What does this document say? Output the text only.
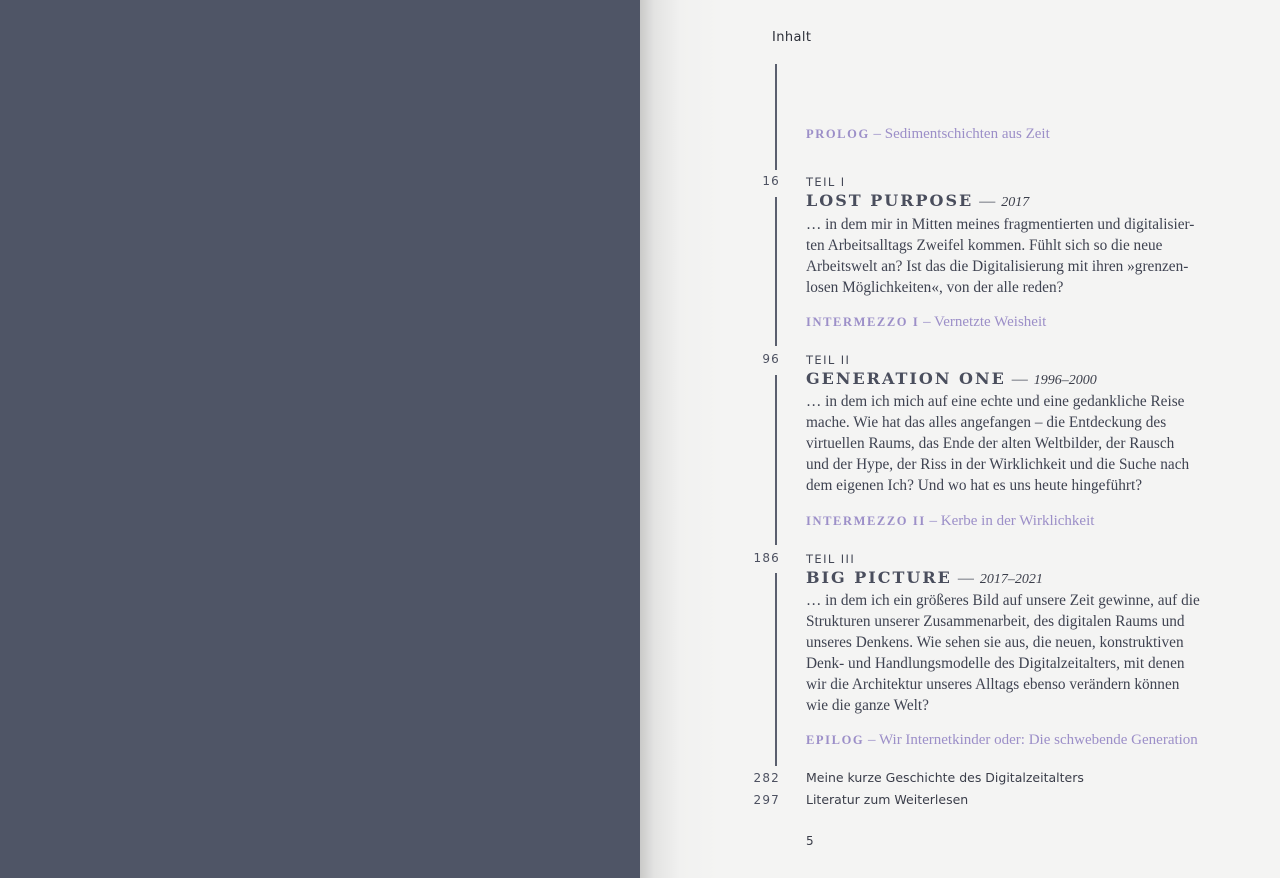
Inhalt
PROLOG – Sedimentschichten aus Zeit
16 TEIL I
LOST PURPOSE — 2017
… in dem mir in Mitten meines fragmentierten und digitalisier-
ten Arbeitsalltags Zweifel kommen. Fühlt sich so die neue
Arbeitswelt an? Ist das die Digitalisierung mit ihren »grenzen-
losen Möglichkeiten«, von der alle reden?
INTERMEZZO I – Vernetzte Weisheit
96 TEIL II
GENERATION ONE — 1996–2000
… in dem ich mich auf eine echte und eine gedankliche Reise
mache. Wie hat das alles angefangen – die Entdeckung des
virtuellen Raums, das Ende der alten Weltbilder, der Rausch
und der Hype, der Riss in der Wirklichkeit und die Suche nach
dem eigenen Ich? Und wo hat es uns heute hingeführt?
INTERMEZZO II – Kerbe in der Wirklichkeit
186 TEIL III
BIG PICTURE — 2017–2021
… in dem ich ein größeres Bild auf unsere Zeit gewinne, auf die
Strukturen unserer Zusammenarbeit, des digitalen Raums und
unseres Denkens. Wie sehen sie aus, die neuen, konstruktiven
Denk- und Handlungsmodelle des Digitalzeitalters, mit denen
wir die Architektur unseres Alltags ebenso verändern können
wie die ganze Welt?
EPILOG – Wir Internetkinder oder: Die schwebende Generation
282 Meine kurze Geschichte des Digitalzeitalters
297 Literatur zum Weiterlesen
5
